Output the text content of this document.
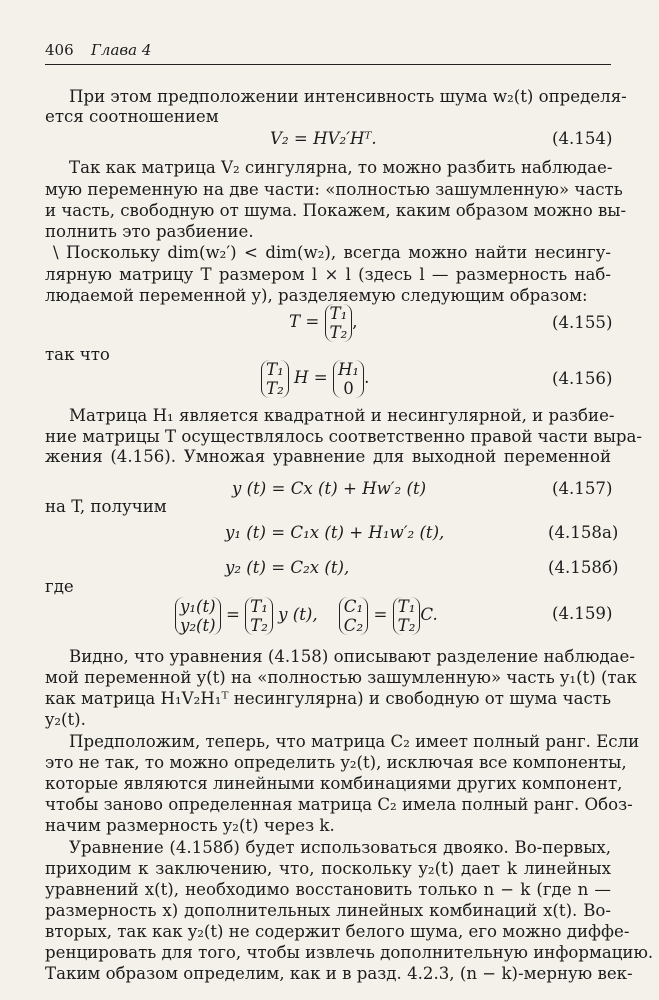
406 Глава 4
При этом предположении интенсивность шума w₂(t) определя-
ется соотношением
V₂ = HV₂′Hᵀ.	(4.154)
Так как матрица V₂ сингулярна, то можно разбить наблюдае-
мую переменную на две части: «полностью зашумленную» часть
и часть, свободную от шума. Покажем, каким образом можно вы-
полнить это разбиение.
\ Поскольку dim(w₂′) < dim(w₂), всегда можно найти несингу-
лярную матрицу T размером l × l (здесь l — размерность наб-
людаемой переменной y), разделяемую следующим образом:
T = T₁
T₂
,	(4.155)
так что
T₁
T₂
H = H₁
0
.	(4.156)
Матрица H₁ является квадратной и несингулярной, и разбие-
ние матрицы T осуществлялось соответственно правой части выра-
жения (4.156). Умножая уравнение для выходной переменной
y (t) = Cx (t) + Hw′₂ (t)	(4.157)
на T, получим
y₁ (t) = C₁x (t) + H₁w′₂ (t),	(4.158a)
y₂ (t) = C₂x (t),	(4.158б)
где
y₁(t)
y₂(t)
= T₁
T₂
y (t), C₁
C₂
= T₁
T₂
C.	(4.159)
Видно, что уравнения (4.158) описывают разделение наблюдае-
мой переменной y(t) на «полностью зашумленную» часть y₁(t) (так
как матрица H₁V₂H₁ᵀ несингулярна) и свободную от шума часть
y₂(t).
Предположим, теперь, что матрица C₂ имеет полный ранг. Если
это не так, то можно определить y₂(t), исключая все компоненты,
которые являются линейными комбинациями других компонент,
чтобы заново определенная матрица C₂ имела полный ранг. Обоз-
начим размерность y₂(t) через k.
Уравнение (4.158б) будет использоваться двояко. Во-первых,
приходим к заключению, что, поскольку y₂(t) дает k линейных
уравнений x(t), необходимо восстановить только n − k (где n —
размерность x) дополнительных линейных комбинаций x(t). Во-
вторых, так как y₂(t) не содержит белого шума, его можно диффе-
ренцировать для того, чтобы извлечь дополнительную информацию.
Таким образом определим, как и в разд. 4.2.3, (n − k)-мерную век-
